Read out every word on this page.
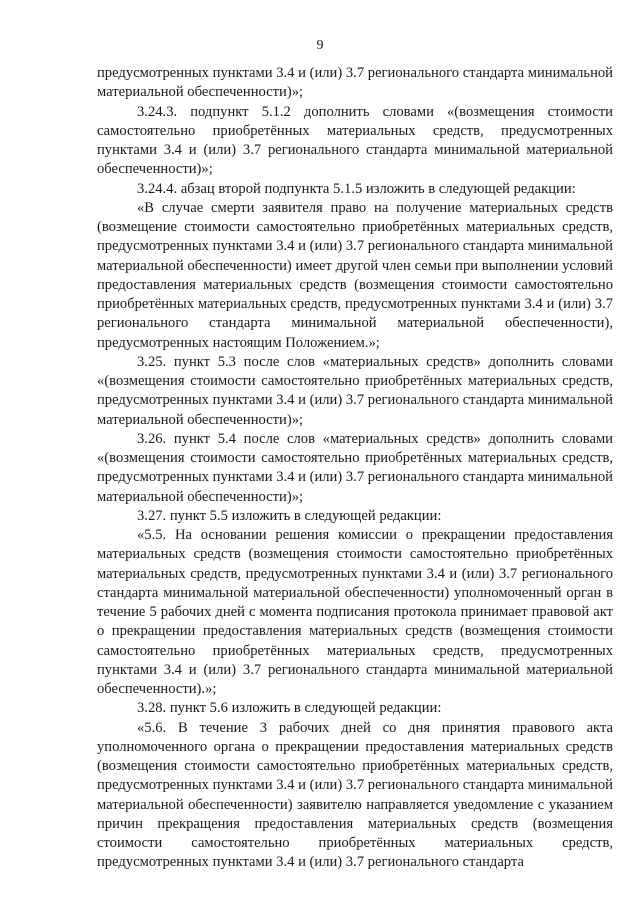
9

предусмотренных пунктами 3.4 и (или) 3.7 регионального стандарта минимальной материальной обеспеченности)»;

3.24.3. подпункт 5.1.2 дополнить словами «(возмещения стоимости самостоятельно приобретённых материальных средств, предусмотренных пунктами 3.4 и (или) 3.7 регионального стандарта минимальной материальной обеспеченности)»;

3.24.4. абзац второй подпункта 5.1.5 изложить в следующей редакции:

«В случае смерти заявителя право на получение материальных средств (возмещение стоимости самостоятельно приобретённых материальных средств, предусмотренных пунктами 3.4 и (или) 3.7 регионального стандарта минимальной материальной обеспеченности) имеет другой член семьи при выполнении условий предоставления материальных средств (возмещения стоимости самостоятельно приобретённых материальных средств, предусмотренных пунктами 3.4 и (или) 3.7 регионального стандарта минимальной материальной обеспеченности), предусмотренных настоящим Положением.»;

3.25. пункт 5.3 после слов «материальных средств» дополнить словами «(возмещения стоимости самостоятельно приобретённых материальных средств, предусмотренных пунктами 3.4 и (или) 3.7 регионального стандарта минимальной материальной обеспеченности)»;

3.26. пункт 5.4 после слов «материальных средств» дополнить словами «(возмещения стоимости самостоятельно приобретённых материальных средств, предусмотренных пунктами 3.4 и (или) 3.7 регионального стандарта минимальной материальной обеспеченности)»;

3.27. пункт 5.5 изложить в следующей редакции:

«5.5. На основании решения комиссии о прекращении предоставления материальных средств (возмещения стоимости самостоятельно приобретённых материальных средств, предусмотренных пунктами 3.4 и (или) 3.7 регионального стандарта минимальной материальной обеспеченности) уполномоченный орган в течение 5 рабочих дней с момента подписания протокола принимает правовой акт о прекращении предоставления материальных средств (возмещения стоимости самостоятельно приобретённых материальных средств, предусмотренных пунктами 3.4 и (или) 3.7 регионального стандарта минимальной материальной обеспеченности).»;

3.28. пункт 5.6 изложить в следующей редакции:

«5.6. В течение 3 рабочих дней со дня принятия правового акта уполномоченного органа о прекращении предоставления материальных средств (возмещения стоимости самостоятельно приобретённых материальных средств, предусмотренных пунктами 3.4 и (или) 3.7 регионального стандарта минимальной материальной обеспеченности) заявителю направляется уведомление с указанием причин прекращения предоставления материальных средств (возмещения стоимости самостоятельно приобретённых материальных средств, предусмотренных пунктами 3.4 и (или) 3.7 регионального стандарта
